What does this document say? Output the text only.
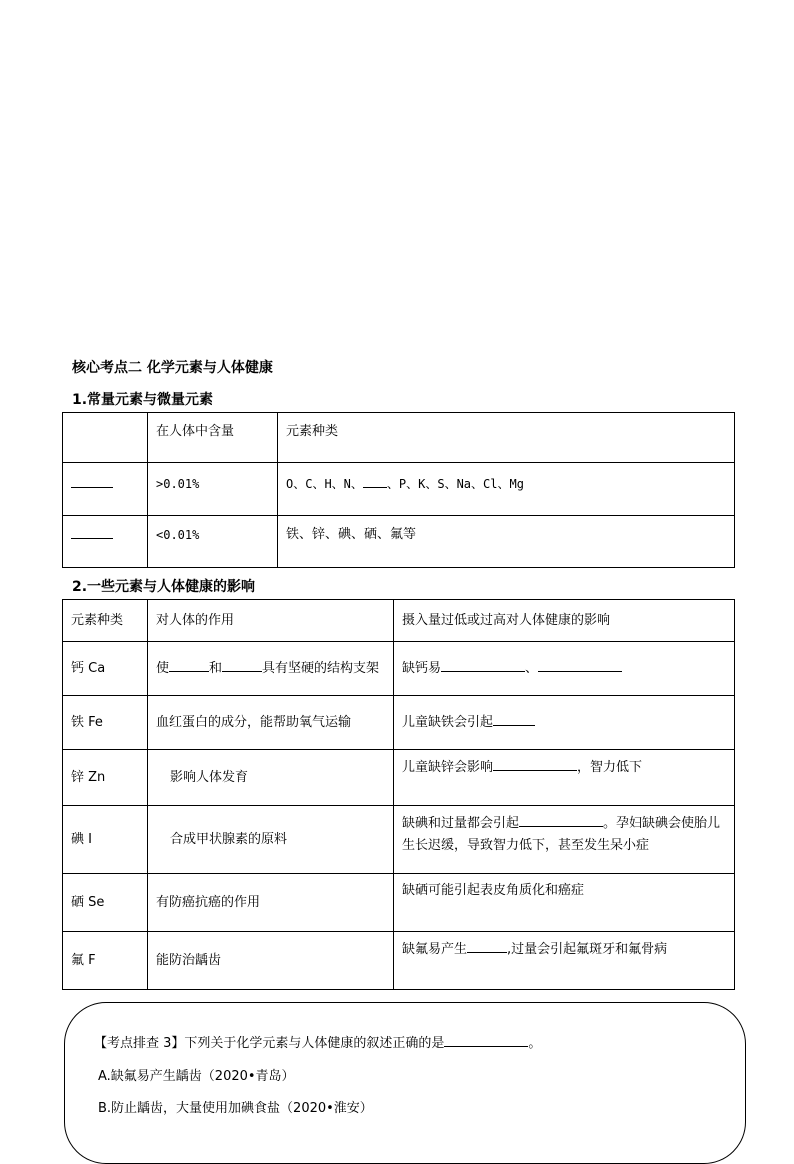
核心考点二 化学元素与人体健康
1.常量元素与微量元素
	在人体中含量	元素种类
	>0.01%	O、C、H、N、 、P、K、S、Na、Cl、Mg
	<0.01%	铁、锌、碘、硒、氟等
2.一些元素与人体健康的影响
元素种类	对人体的作用	摄入量过低或过高对人体健康的影响
钙 Ca	使 和 具有坚硬的结构支架	缺钙易 、
铁 Fe	血红蛋白的成分，能帮助氧气运输	儿童缺铁会引起
锌 Zn	影响人体发育	儿童缺锌会影响 ，智力低下
碘 I	合成甲状腺素的原料	缺碘和过量都会引起 。孕妇缺碘会使胎儿生长迟缓，导致智力低下，甚至发生呆小症
硒 Se	有防癌抗癌的作用	缺硒可能引起表皮角质化和癌症
氟 F	能防治龋齿	缺氟易产生 ,过量会引起氟斑牙和氟骨病
【考点排查 3】下列关于化学元素与人体健康的叙述正确的是	。
A.缺氟易产生龋齿（2020•青岛）
B.防止龋齿，大量使用加碘食盐（2020•淮安）
